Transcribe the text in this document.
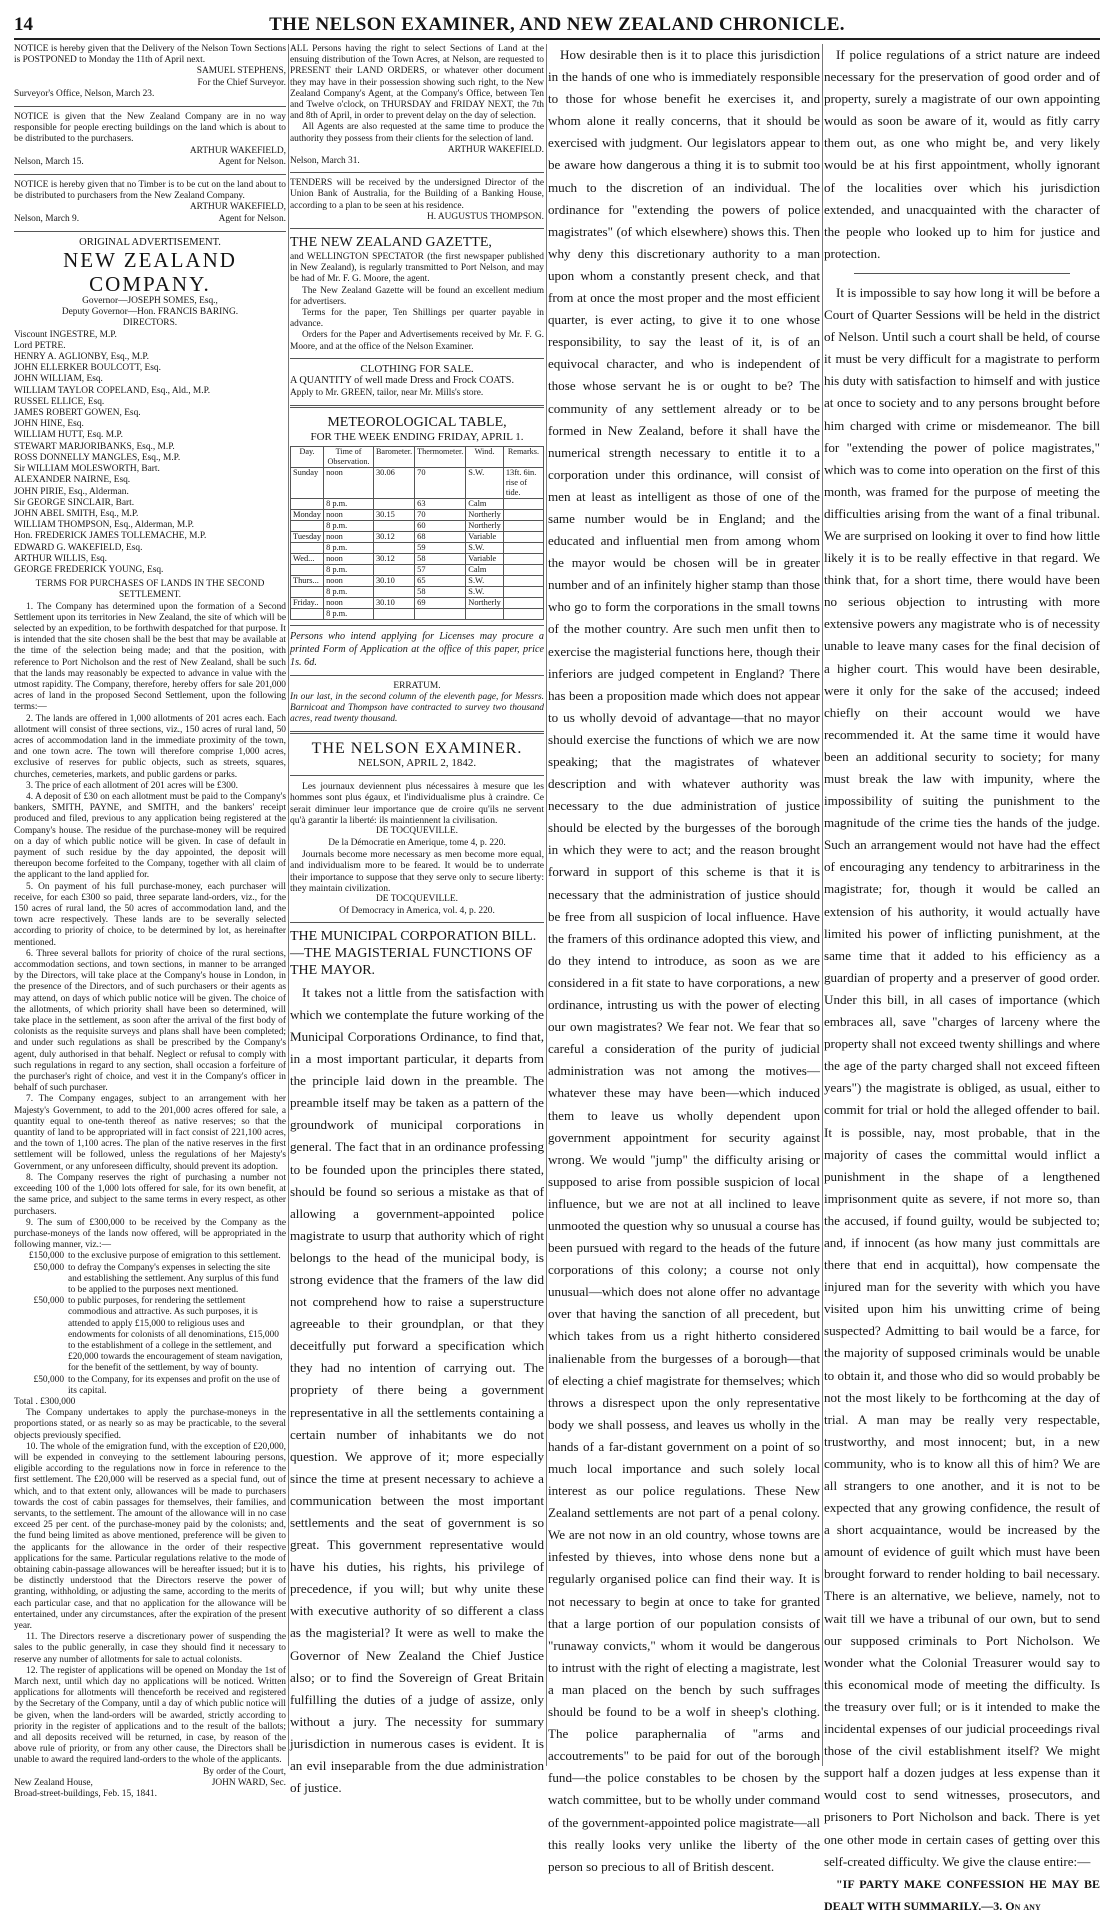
14	THE NELSON EXAMINER, AND NEW ZEALAND CHRONICLE.

NOTICE is hereby given that the Delivery of the Nelson Town Sections is POSTPONED to Monday the 11th of April next.

SAMUEL STEPHENS,

For the Chief Surveyor.

Surveyor's Office, Nelson, March 23.

NOTICE is given that the New Zealand Company are in no way responsible for people erecting buildings on the land which is about to be distributed to the purchasers.

ARTHUR WAKEFIELD,

Nelson, March 15.	Agent for Nelson.

NOTICE is hereby given that no Timber is to be cut on the land about to be distributed to purchasers from the New Zealand Company.

ARTHUR WAKEFIELD,

Nelson, March 9.	Agent for Nelson.

ORIGINAL ADVERTISEMENT.

NEW ZEALAND COMPANY.

Governor—JOSEPH SOMES, Esq.,

Deputy Governor—Hon. FRANCIS BARING.

DIRECTORS.

Viscount INGESTRE, M.P.
Lord PETRE.
HENRY A. AGLIONBY, Esq., M.P.
JOHN ELLERKER BOULCOTT, Esq.
JOHN WILLIAM, Esq.
WILLIAM TAYLOR COPELAND, Esq., Ald., M.P.
RUSSEL ELLICE, Esq.
JAMES ROBERT GOWEN, Esq.
JOHN HINE, Esq.
WILLIAM HUTT, Esq. M.P.
STEWART MARJORIBANKS, Esq., M.P.
ROSS DONNELLY MANGLES, Esq., M.P.
Sir WILLIAM MOLESWORTH, Bart.
ALEXANDER NAIRNE, Esq.
JOHN PIRIE, Esq., Alderman.
Sir GEORGE SINCLAIR, Bart.
JOHN ABEL SMITH, Esq., M.P.
WILLIAM THOMPSON, Esq., Alderman, M.P.
Hon. FREDERICK JAMES TOLLEMACHE, M.P.
EDWARD G. WAKEFIELD, Esq.
ARTHUR WILLIS, Esq.
GEORGE FREDERICK YOUNG, Esq.

TERMS FOR PURCHASES OF LANDS IN THE SECOND SETTLEMENT.

1. The Company has determined upon the formation of a Second Settlement upon its territories in New Zealand, the site of which will be selected by an expedition, to be forthwith despatched for that purpose. It is intended that the site chosen shall be the best that may be available at the time of the selection being made; and that the position, with reference to Port Nicholson and the rest of New Zealand, shall be such that the lands may reasonably be expected to advance in value with the utmost rapidity. The Company, therefore, hereby offers for sale 201,000 acres of land in the proposed Second Settlement, upon the following terms:—

2. The lands are offered in 1,000 allotments of 201 acres each. Each allotment will consist of three sections, viz., 150 acres of rural land, 50 acres of accommodation land in the immediate proximity of the town, and one town acre. The town will therefore comprise 1,000 acres, exclusive of reserves for public objects, such as streets, squares, churches, cemeteries, markets, and public gardens or parks.

3. The price of each allotment of 201 acres will be £300.

4. A deposit of £30 on each allotment must be paid to the Company's bankers, SMITH, PAYNE, and SMITH, and the bankers' receipt produced and filed, previous to any application being registered at the Company's house. The residue of the purchase-money will be required on a day of which public notice will be given. In case of default in payment of such residue by the day appointed, the deposit will thereupon become forfeited to the Company, together with all claim of the applicant to the land applied for.

5. On payment of his full purchase-money, each purchaser will receive, for each £300 so paid, three separate land-orders, viz., for the 150 acres of rural land, the 50 acres of accommodation land, and the town acre respectively. These lands are to be severally selected according to priority of choice, to be determined by lot, as hereinafter mentioned.

6. Three several ballots for priority of choice of the rural sections, accommodation sections, and town sections, in manner to be arranged by the Directors, will take place at the Company's house in London, in the presence of the Directors, and of such purchasers or their agents as may attend, on days of which public notice will be given. The choice of the allotments, of which priority shall have been so determined, will take place in the settlement, as soon after the arrival of the first body of colonists as the requisite surveys and plans shall have been completed; and under such regulations as shall be prescribed by the Company's agent, duly authorised in that behalf. Neglect or refusal to comply with such regulations in regard to any section, shall occasion a forfeiture of the purchaser's right of choice, and vest it in the Company's officer in behalf of such purchaser.

7. The Company engages, subject to an arrangement with her Majesty's Government, to add to the 201,000 acres offered for sale, a quantity equal to one-tenth thereof as native reserves; so that the quantity of land to be appropriated will in fact consist of 221,100 acres, and the town of 1,100 acres. The plan of the native reserves in the first settlement will be followed, unless the regulations of her Majesty's Government, or any unforeseen difficulty, should prevent its adoption.

8. The Company reserves the right of purchasing a number not exceeding 100 of the 1,000 lots offered for sale, for its own benefit, at the same price, and subject to the same terms in every respect, as other purchasers.

9. The sum of £300,000 to be received by the Company as the purchase-moneys of the lands now offered, will be appropriated in the following manner, viz.:—

£150,000 to the exclusive purpose of emigration to this settlement.
£50,000 to defray the Company's expenses in selecting the site and establishing the settlement. Any surplus of this fund to be applied to the purposes next mentioned.
£50,000 to public purposes, for rendering the settlement commodious and attractive. As such purposes, it is attended to apply £15,000 to religious uses and endowments for colonists of all denominations, £15,000 to the establishment of a college in the settlement, and £20,000 towards the encouragement of steam navigation, for the benefit of the settlement, by way of bounty.
£50,000 to the Company, for its expenses and profit on the use of its capital.

Total . £300,000

The Company undertakes to apply the purchase-moneys in the proportions stated, or as nearly so as may be practicable, to the several objects previously specified.

10. The whole of the emigration fund, with the exception of £20,000, will be expended in conveying to the settlement labouring persons, eligible according to the regulations now in force in reference to the first settlement. The £20,000 will be reserved as a special fund, out of which, and to that extent only, allowances will be made to purchasers towards the cost of cabin passages for themselves, their families, and servants, to the settlement. The amount of the allowance will in no case exceed 25 per cent. of the purchase-money paid by the colonists; and, the fund being limited as above mentioned, preference will be given to the applicants for the allowance in the order of their respective applications for the same. Particular regulations relative to the mode of obtaining cabin-passage allowances will be hereafter issued; but it is to be distinctly understood that the Directors reserve the power of granting, withholding, or adjusting the same, according to the merits of each particular case, and that no application for the allowance will be entertained, under any circumstances, after the expiration of the present year.

11. The Directors reserve a discretionary power of suspending the sales to the public generally, in case they should find it necessary to reserve any number of allotments for sale to actual colonists.

12. The register of applications will be opened on Monday the 1st of March next, until which day no applications will be noticed. Written applications for allotments will thenceforth be received and registered by the Secretary of the Company, until a day of which public notice will be given, when the land-orders will be awarded, strictly according to priority in the register of applications and to the result of the ballots; and all deposits received will be returned, in case, by reason of the above rule of priority, or from any other cause, the Directors shall be unable to award the required land-orders to the whole of the applicants.

By order of the Court,

New Zealand House,	JOHN WARD, Sec.

Broad-street-buildings, Feb. 15, 1841.

ALL Persons having the right to select Sections of Land at the ensuing distribution of the Town Acres, at Nelson, are requested to PRESENT their LAND ORDERS, or whatever other document they may have in their possession showing such right, to the New Zealand Company's Agent, at the Company's Office, between Ten and Twelve o'clock, on THURSDAY and FRIDAY NEXT, the 7th and 8th of April, in order to prevent delay on the day of selection.

All Agents are also requested at the same time to produce the authority they possess from their clients for the selection of land.

ARTHUR WAKEFIELD.

Nelson, March 31.

TENDERS will be received by the undersigned Director of the Union Bank of Australia, for the Building of a Banking House, according to a plan to be seen at his residence.

H. AUGUSTUS THOMPSON.

THE NEW ZEALAND GAZETTE,

and WELLINGTON SPECTATOR (the first newspaper published in New Zealand), is regularly transmitted to Port Nelson, and may be had of Mr. F. G. Moore, the agent.

The New Zealand Gazette will be found an excellent medium for advertisers.

Terms for the paper, Ten Shillings per quarter payable in advance.

Orders for the Paper and Advertisements received by Mr. F. G. Moore, and at the office of the Nelson Examiner.

CLOTHING FOR SALE.

A QUANTITY of well made Dress and Frock COATS.

Apply to Mr. GREEN, tailor, near Mr. Mills's store.

METEOROLOGICAL TABLE,

FOR THE WEEK ENDING FRIDAY, APRIL 1.

Day.	Time of Observation.	Barometer.	Thermometer.	Wind.	Remarks.
Sunday	noon	30.06	70	S.W.	13ft. 6in. rise of tide.
	8 p.m.		63	Calm	
Monday	noon	30.15	70	Northerly	
	8 p.m.		60	Northerly	
Tuesday	noon	30.12	68	Variable	
	8 p.m.		59	S.W.	
Wed...	noon	30.12	58	Variable	
	8 p.m.		57	Calm	
Thurs...	noon	30.10	65	S.W.	
	8 p.m.		58	S.W.	
Friday..	noon	30.10	69	Northerly	
	8 p.m.				

Persons who intend applying for Licenses may procure a printed Form of Application at the office of this paper, price 1s. 6d.

ERRATUM.

In our last, in the second column of the eleventh page, for Messrs. Barnicoat and Thompson have contracted to survey two thousand acres, read twenty thousand.

THE NELSON EXAMINER.

NELSON, APRIL 2, 1842.

Les journaux deviennent plus nécessaires à mesure que les hommes sont plus égaux, et l'individualisme plus à craindre. Ce serait diminuer leur importance que de croire qu'ils ne servent qu'à garantir la liberté: ils maintiennent la civilisation.

DE TOCQUEVILLE.

De la Démocratie en Amerique, tome 4, p. 220.

Journals become more necessary as men become more equal, and individualism more to be feared. It would be to underrate their importance to suppose that they serve only to secure liberty: they maintain civilization.

DE TOCQUEVILLE.

Of Democracy in America, vol. 4, p. 220.

THE MUNICIPAL CORPORATION BILL.—THE MAGISTERIAL FUNCTIONS OF THE MAYOR.

It takes not a little from the satisfaction with which we contemplate the future working of the Municipal Corporations Ordinance, to find that, in a most important particular, it departs from the principle laid down in the preamble. The preamble itself may be taken as a pattern of the groundwork of municipal corporations in general. The fact that in an ordinance professing to be founded upon the principles there stated, should be found so serious a mistake as that of allowing a government-appointed police magistrate to usurp that authority which of right belongs to the head of the municipal body, is strong evidence that the framers of the law did not comprehend how to raise a superstructure agreeable to their groundplan, or that they deceitfully put forward a specification which they had no intention of carrying out. The propriety of there being a government representative in all the settlements containing a certain number of inhabitants we do not question. We approve of it; more especially since the time at present necessary to achieve a communication between the most important settlements and the seat of government is so great. This government representative would have his duties, his rights, his privilege of precedence, if you will; but why unite these with executive authority of so different a class as the magisterial? It were as well to make the Governor of New Zealand the Chief Justice also; or to find the Sovereign of Great Britain fulfilling the duties of a judge of assize, only without a jury. The necessity for summary jurisdiction in numerous cases is evident. It is an evil inseparable from the due administration of justice.

How desirable then is it to place this jurisdiction in the hands of one who is immediately responsible to those for whose benefit he exercises it, and whom alone it really concerns, that it should be exercised with judgment. Our legislators appear to be aware how dangerous a thing it is to submit too much to the discretion of an individual. The ordinance for "extending the powers of police magistrates" (of which elsewhere) shows this. Then why deny this discretionary authority to a man upon whom a constantly present check, and that from at once the most proper and the most efficient quarter, is ever acting, to give it to one whose responsibility, to say the least of it, is of an equivocal character, and who is independent of those whose servant he is or ought to be? The community of any settlement already or to be formed in New Zealand, before it shall have the numerical strength necessary to entitle it to a corporation under this ordinance, will consist of men at least as intelligent as those of one of the same number would be in England; and the educated and influential men from among whom the mayor would be chosen will be in greater number and of an infinitely higher stamp than those who go to form the corporations in the small towns of the mother country. Are such men unfit then to exercise the magisterial functions here, though their inferiors are judged competent in England? There has been a proposition made which does not appear to us wholly devoid of advantage—that no mayor should exercise the functions of which we are now speaking; that the magistrates of whatever description and with whatever authority was necessary to the due administration of justice should be elected by the burgesses of the borough in which they were to act; and the reason brought forward in support of this scheme is that it is necessary that the administration of justice should be free from all suspicion of local influence. Have the framers of this ordinance adopted this view, and do they intend to introduce, as soon as we are considered in a fit state to have corporations, a new ordinance, intrusting us with the power of electing our own magistrates? We fear not. We fear that so careful a consideration of the purity of judicial administration was not among the motives—whatever these may have been—which induced them to leave us wholly dependent upon government appointment for security against wrong. We would "jump" the difficulty arising or supposed to arise from possible suspicion of local influence, but we are not at all inclined to leave unmooted the question why so unusual a course has been pursued with regard to the heads of the future corporations of this colony; a course not only unusual—which does not alone offer no advantage over that having the sanction of all precedent, but which takes from us a right hitherto considered inalienable from the burgesses of a borough—that of electing a chief magistrate for themselves; which throws a disrespect upon the only representative body we shall possess, and leaves us wholly in the hands of a far-distant government on a point of so much local importance and such solely local interest as our police regulations. These New Zealand settlements are not part of a penal colony. We are not now in an old country, whose towns are infested by thieves, into whose dens none but a regularly organised police can find their way. It is not necessary to begin at once to take for granted that a large portion of our population consists of "runaway convicts," whom it would be dangerous to intrust with the right of electing a magistrate, lest a man placed on the bench by such suffrages should be found to be a wolf in sheep's clothing. The police paraphernalia of "arms and accoutrements" to be paid for out of the borough fund—the police constables to be chosen by the watch committee, but to be wholly under command of the government-appointed police magistrate—all this really looks very unlike the liberty of the person so precious to all of British descent.

If police regulations of a strict nature are indeed necessary for the preservation of good order and of property, surely a magistrate of our own appointing would as soon be aware of it, would as fitly carry them out, as one who might be, and very likely would be at his first appointment, wholly ignorant of the localities over which his jurisdiction extended, and unacquainted with the character of the people who looked up to him for justice and protection.

It is impossible to say how long it will be before a Court of Quarter Sessions will be held in the district of Nelson. Until such a court shall be held, of course it must be very difficult for a magistrate to perform his duty with satisfaction to himself and with justice at once to society and to any persons brought before him charged with crime or misdemeanor. The bill for "extending the power of police magistrates," which was to come into operation on the first of this month, was framed for the purpose of meeting the difficulties arising from the want of a final tribunal. We are surprised on looking it over to find how little likely it is to be really effective in that regard. We think that, for a short time, there would have been no serious objection to intrusting with more extensive powers any magistrate who is of necessity unable to leave many cases for the final decision of a higher court. This would have been desirable, were it only for the sake of the accused; indeed chiefly on their account would we have recommended it. At the same time it would have been an additional security to society; for many must break the law with impunity, where the impossibility of suiting the punishment to the magnitude of the crime ties the hands of the judge. Such an arrangement would not have had the effect of encouraging any tendency to arbitrariness in the magistrate; for, though it would be called an extension of his authority, it would actually have limited his power of inflicting punishment, at the same time that it added to his efficiency as a guardian of property and a preserver of good order. Under this bill, in all cases of importance (which embraces all, save "charges of larceny where the property shall not exceed twenty shillings and where the age of the party charged shall not exceed fifteen years") the magistrate is obliged, as usual, either to commit for trial or hold the alleged offender to bail. It is possible, nay, most probable, that in the majority of cases the committal would inflict a punishment in the shape of a lengthened imprisonment quite as severe, if not more so, than the accused, if found guilty, would be subjected to; and, if innocent (as how many just committals are there that end in acquittal), how compensate the injured man for the severity with which you have visited upon him his unwitting crime of being suspected? Admitting to bail would be a farce, for the majority of supposed criminals would be unable to obtain it, and those who did so would probably be not the most likely to be forthcoming at the day of trial. A man may be really very respectable, trustworthy, and most innocent; but, in a new community, who is to know all this of him? We are all strangers to one another, and it is not to be expected that any growing confidence, the result of a short acquaintance, would be increased by the amount of evidence of guilt which must have been brought forward to render holding to bail necessary. There is an alternative, we believe, namely, not to wait till we have a tribunal of our own, but to send our supposed criminals to Port Nicholson. We wonder what the Colonial Treasurer would say to this economical mode of meeting the difficulty. Is the treasury over full; or is it intended to make the incidental expenses of our judicial proceedings rival those of the civil establishment itself? We might support half a dozen judges at less expense than it would cost to send witnesses, prosecutors, and prisoners to Port Nicholson and back. There is yet one other mode in certain cases of getting over this self-created difficulty. We give the clause entire:—

"IF PARTY MAKE CONFESSION HE MAY BE DEALT WITH SUMMARILY.—3. On any
